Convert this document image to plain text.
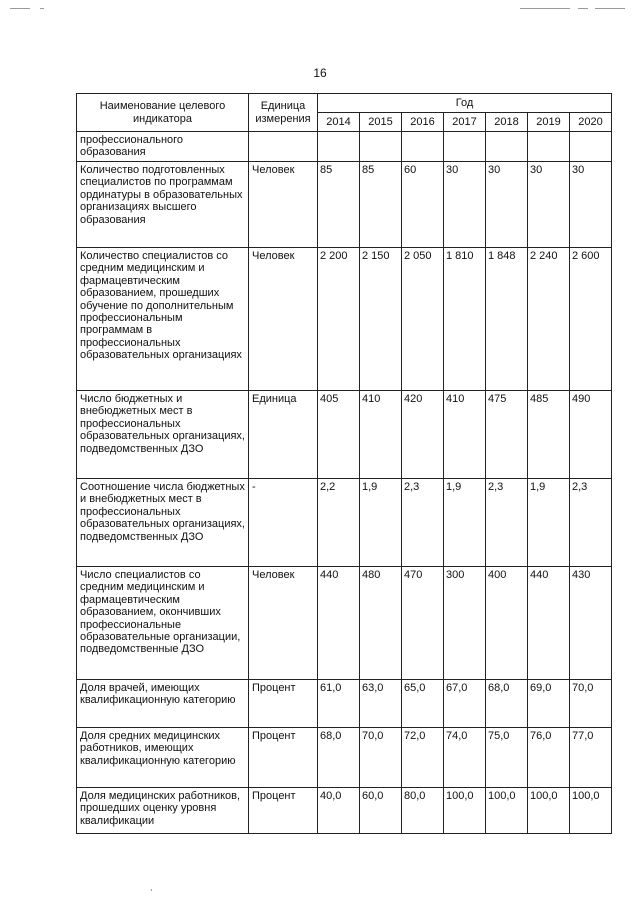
16
Наименование целевого индикатора	Единица измерения	Год						
		2014	2015	2016	2017	2018	2019	2020
профессионального образования								
Количество подготовленных специалистов по программам ординатуры в образовательных организациях высшего образования	Человек	85	85	60	30	30	30	30
Количество специалистов со средним медицинским и фармацевтическим образованием, прошедших обучение по дополнительным профессиональным программам в профессиональных образовательных организациях	Человек	2 200	2 150	2 050	1 810	1 848	2 240	2 600
Число бюджетных и внебюджетных мест в профессиональных образовательных организациях, подведомственных ДЗО	Единица	405	410	420	410	475	485	490
Соотношение числа бюджетных и внебюджетных мест в профессиональных образовательных организациях, подведомственных ДЗО	-	2,2	1,9	2,3	1,9	2,3	1,9	2,3
Число специалистов со средним медицинским и фармацевтическим образованием, окончивших профессиональные образовательные организации, подведомственные ДЗО	Человек	440	480	470	300	400	440	430
Доля врачей, имеющих квалификационную категорию	Процент	61,0	63,0	65,0	67,0	68,0	69,0	70,0
Доля средних медицинских работников, имеющих квалификационную категорию	Процент	68,0	70,0	72,0	74,0	75,0	76,0	77,0
Доля медицинских работников, прошедших оценку уровня квалификации	Процент	40,0	60,0	80,0	100,0	100,0	100,0	100,0
,
